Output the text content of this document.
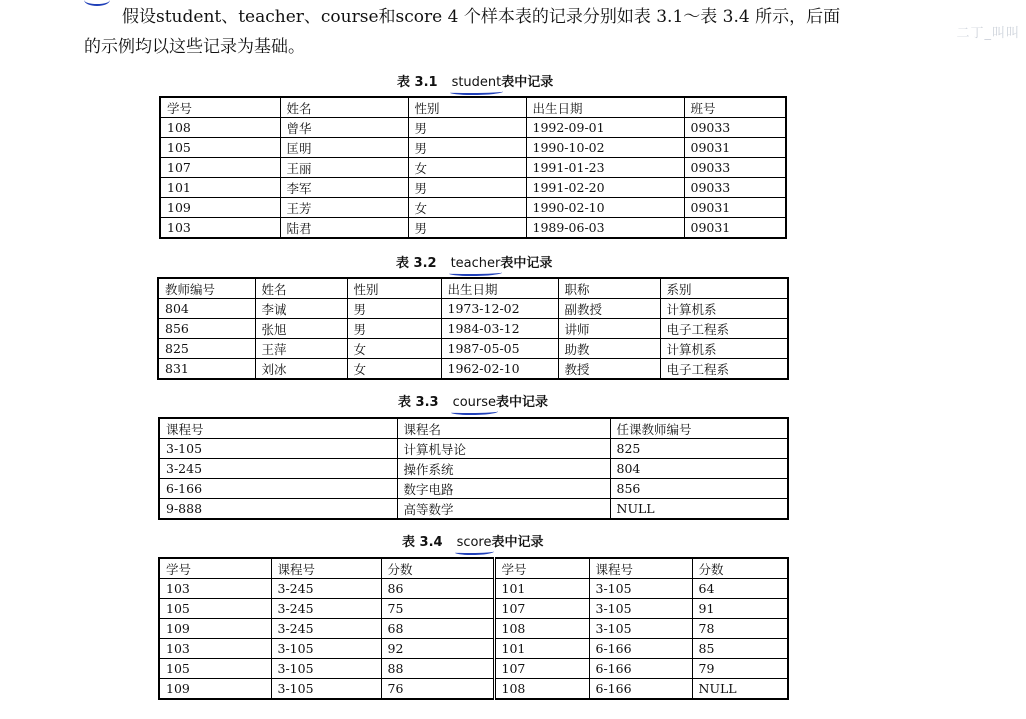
假设student、teacher、course和score 4 个样本表的记录分别如表 3.1～表 3.4 所示，后面
的示例均以这些记录为基础。

二丁_叫叫
表 3.1 student表中记录
学号	姓名	性别	出生日期	班号
108	曾华	男	1992-09-01	09033
105	匡明	男	1990-10-02	09031
107	王丽	女	1991-01-23	09033
101	李军	男	1991-02-20	09033
109	王芳	女	1990-02-10	09031
103	陆君	男	1989-06-03	09031
表 3.2 teacher表中记录
教师编号	姓名	性别	出生日期	职称	系别
804	李诚	男	1973-12-02	副教授	计算机系
856	张旭	男	1984-03-12	讲师	电子工程系
825	王萍	女	1987-05-05	助教	计算机系
831	刘冰	女	1962-02-10	教授	电子工程系
表 3.3 course表中记录
课程号	课程名	任课教师编号
3-105	计算机导论	825
3-245	操作系统	804
6-166	数字电路	856
9-888	高等数学	NULL
表 3.4 score表中记录
学号	课程号	分数	学号	课程号	分数
103	3-245	86	101	3-105	64
105	3-245	75	107	3-105	91
109	3-245	68	108	3-105	78
103	3-105	92	101	6-166	85
105	3-105	88	107	6-166	79
109	3-105	76	108	6-166	NULL
